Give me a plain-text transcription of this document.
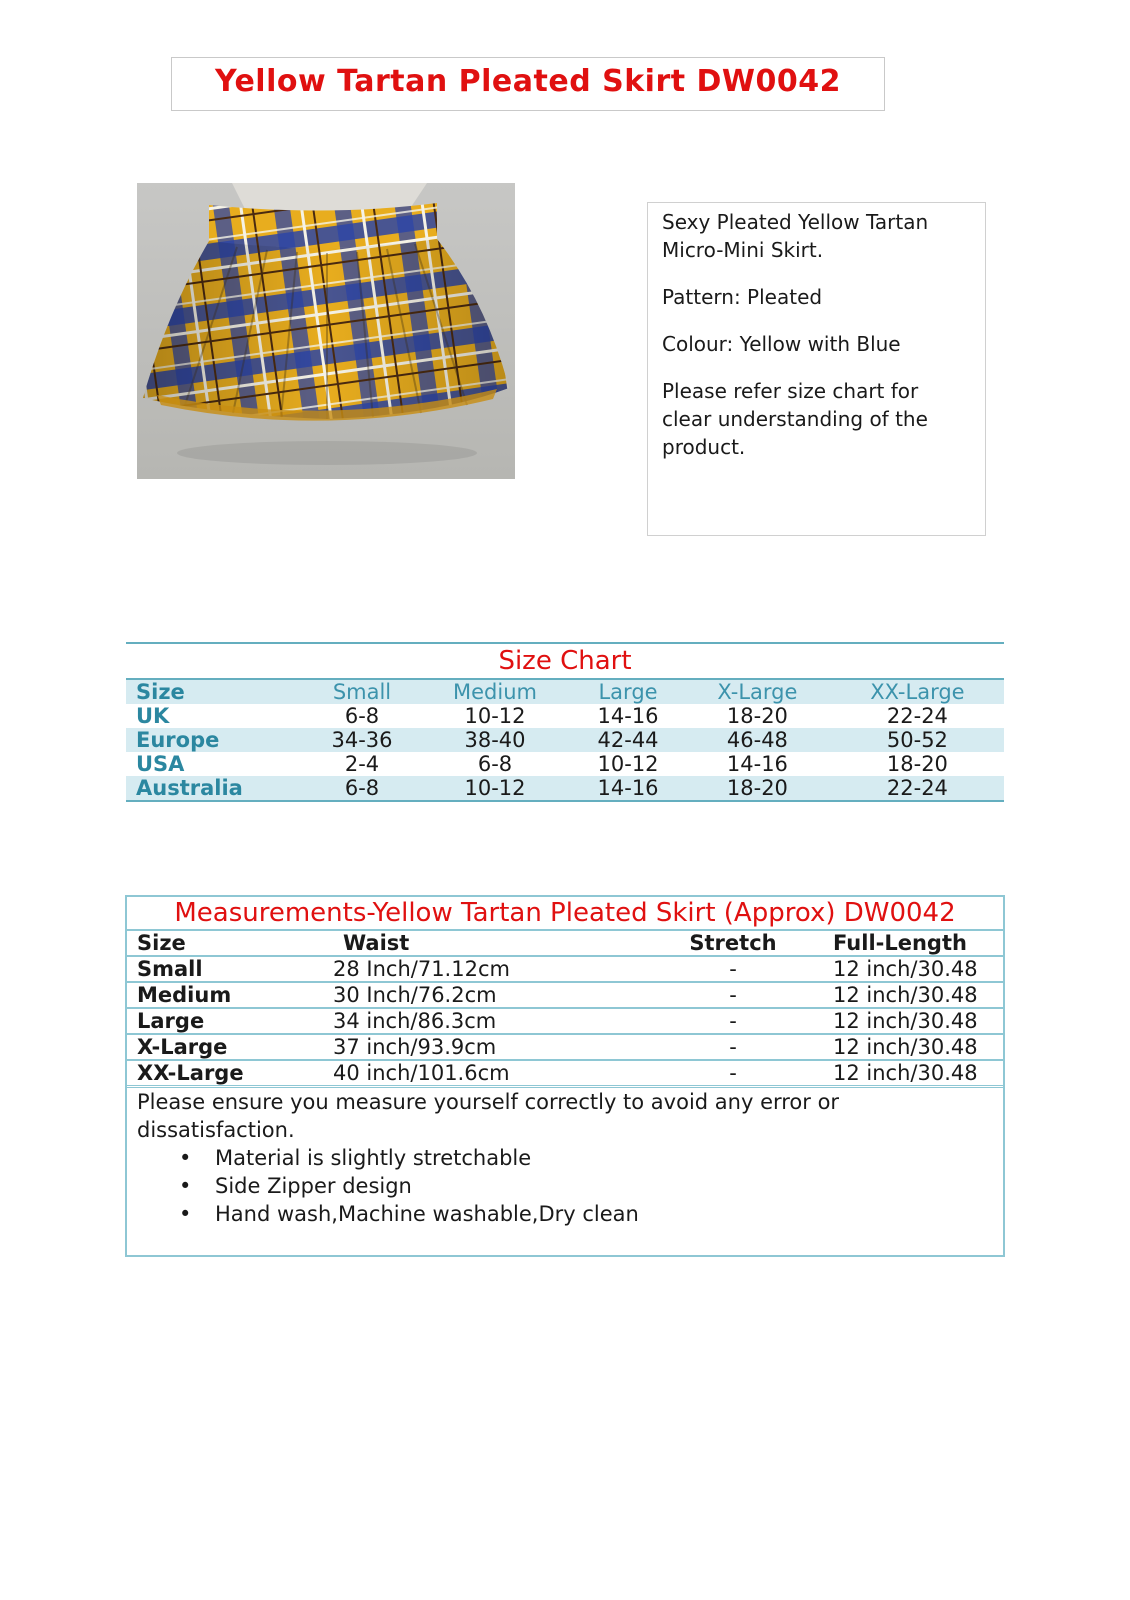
Yellow Tartan Pleated Skirt DW0042

Sexy Pleated Yellow Tartan Micro-Mini Skirt.

Pattern: Pleated

Colour: Yellow with Blue

Please refer size chart for clear understanding of the product.

Size Chart
Size	Small	Medium	Large	X-Large	XX-Large
UK	6-8	10-12	14-16	18-20	22-24
Europe	34-36	38-40	42-44	46-48	50-52
USA	2-4	6-8	10-12	14-16	18-20
Australia	6-8	10-12	14-16	18-20	22-24
Measurements-Yellow Tartan Pleated Skirt (Approx) DW0042
Size	Waist	Stretch	Full-Length
Small	28 Inch/71.12cm	-	12 inch/30.48
Medium	30 Inch/76.2cm	-	12 inch/30.48
Large	34 inch/86.3cm	-	12 inch/30.48
X-Large	37 inch/93.9cm	-	12 inch/30.48
XX-Large	40 inch/101.6cm	-	12 inch/30.48
Please ensure you measure yourself correctly to avoid any error or dissatisfaction.
• Material is slightly stretchable
• Side Zipper design
• Hand wash,Machine washable,Dry clean
